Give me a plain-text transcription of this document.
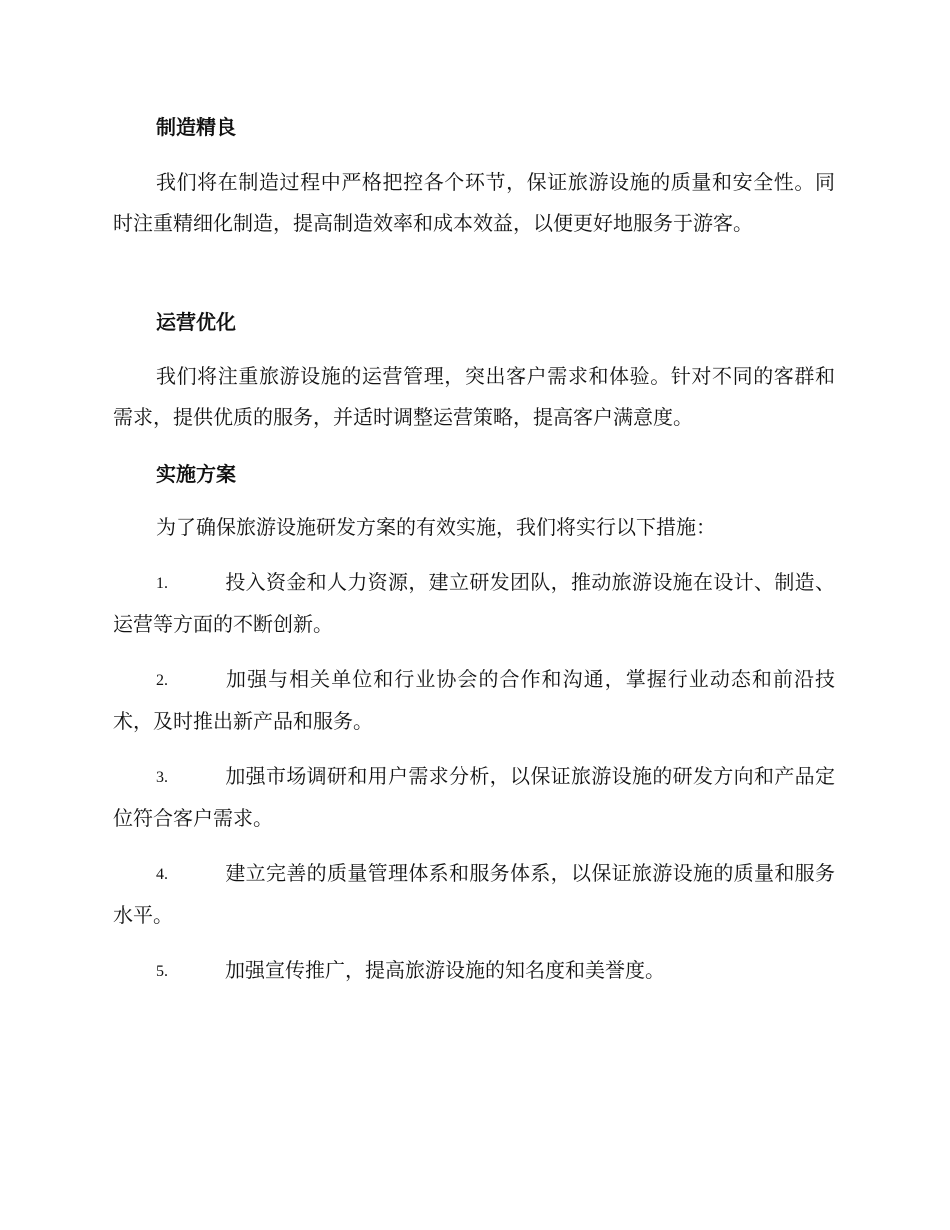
制造精良

我们将在制造过程中严格把控各个环节，保证旅游设施的质量和安全性。同时注重精细化制造，提高制造效率和成本效益，以便更好地服务于游客。

运营优化

我们将注重旅游设施的运营管理，突出客户需求和体验。针对不同的客群和需求，提供优质的服务，并适时调整运营策略，提高客户满意度。

实施方案

为了确保旅游设施研发方案的有效实施，我们将实行以下措施：

1.	投入资金和人力资源，建立研发团队，推动旅游设施在设计、制造、运营等方面的不断创新。
2.	加强与相关单位和行业协会的合作和沟通，掌握行业动态和前沿技术，及时推出新产品和服务。
3.	加强市场调研和用户需求分析，以保证旅游设施的研发方向和产品定位符合客户需求。
4.	建立完善的质量管理体系和服务体系，以保证旅游设施的质量和服务水平。
5.	加强宣传推广，提高旅游设施的知名度和美誉度。
